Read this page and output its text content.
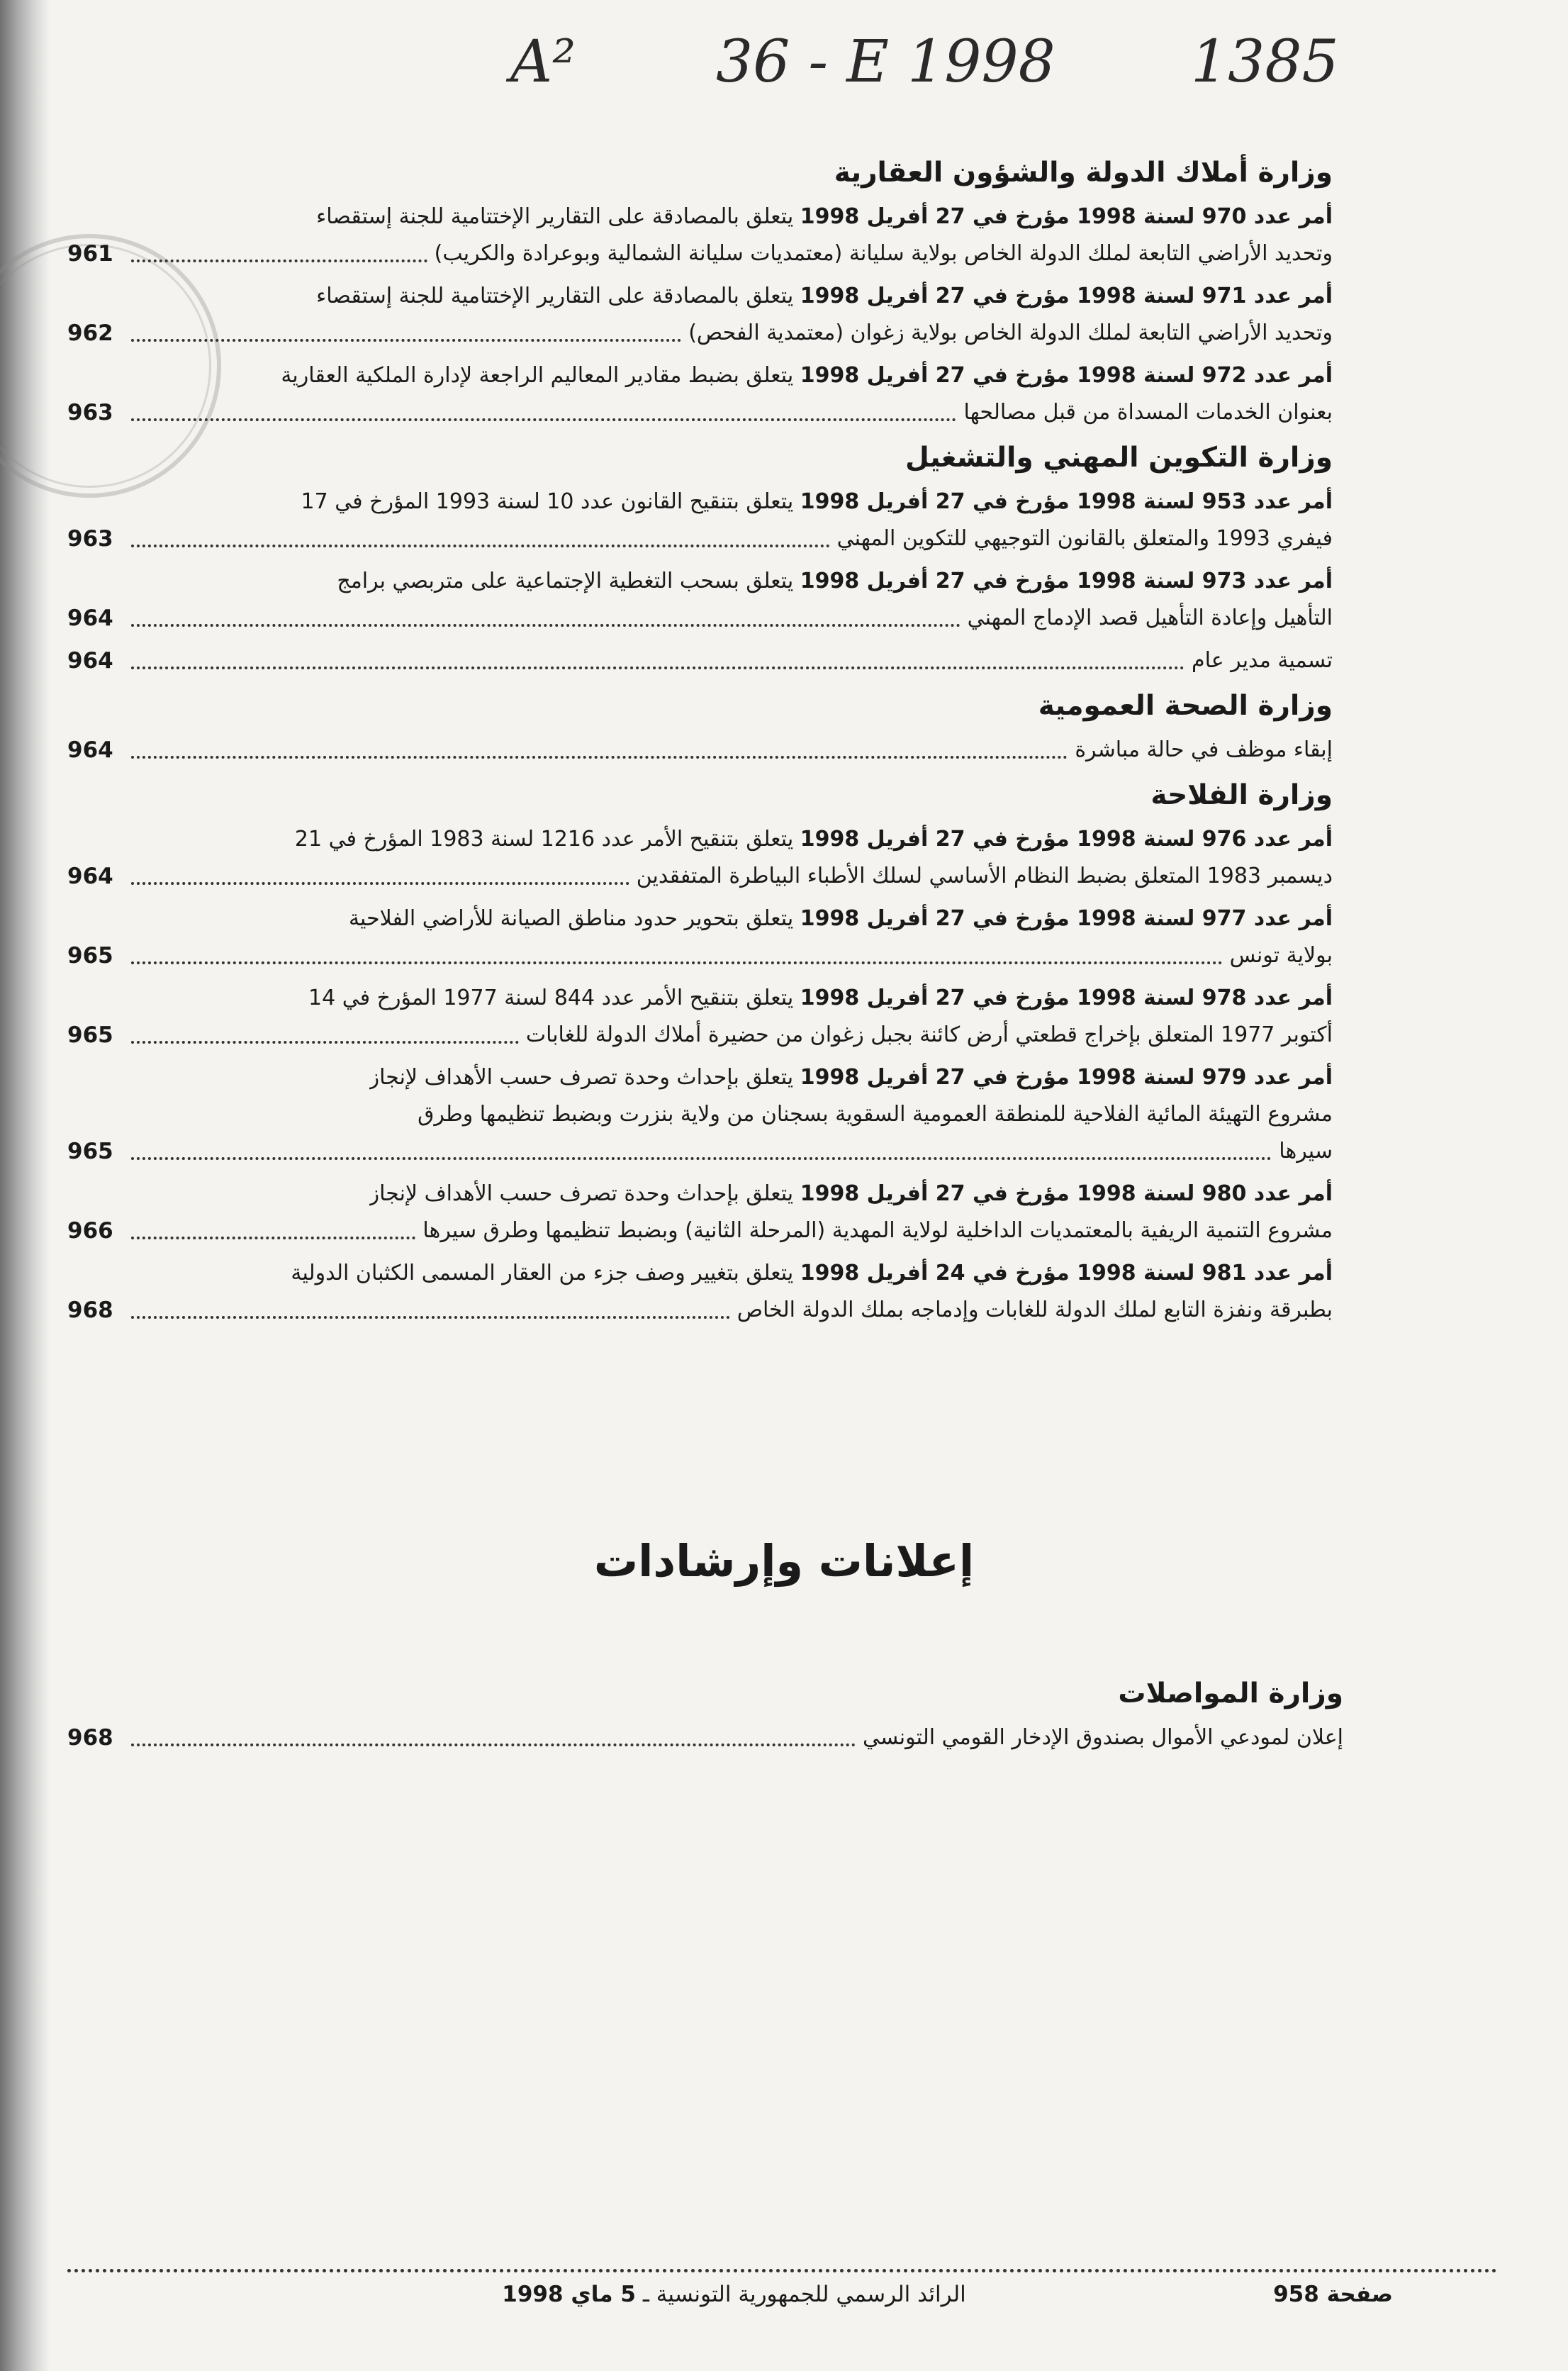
A² 36 - E 1998 1385
وزارة أملاك الدولة والشؤون العقارية
أمر عدد 970 لسنة 1998 مؤرخ في 27 أفريل 1998 يتعلق بالمصادقة على التقارير الإختتامية للجنة إستقصاء
وتحديد الأراضي التابعة لملك الدولة الخاص بولاية سليانة (معتمديات سليانة الشمالية وبوعرادة والكريب)
961
أمر عدد 971 لسنة 1998 مؤرخ في 27 أفريل 1998 يتعلق بالمصادقة على التقارير الإختتامية للجنة إستقصاء
وتحديد الأراضي التابعة لملك الدولة الخاص بولاية زغوان (معتمدية الفحص)
962
أمر عدد 972 لسنة 1998 مؤرخ في 27 أفريل 1998 يتعلق بضبط مقادير المعاليم الراجعة لإدارة الملكية العقارية
بعنوان الخدمات المسداة من قبل مصالحها
963
وزارة التكوين المهني والتشغيل
أمر عدد 953 لسنة 1998 مؤرخ في 27 أفريل 1998 يتعلق بتنقيح القانون عدد 10 لسنة 1993 المؤرخ في 17
فيفري 1993 والمتعلق بالقانون التوجيهي للتكوين المهني
963
أمر عدد 973 لسنة 1998 مؤرخ في 27 أفريل 1998 يتعلق بسحب التغطية الإجتماعية على متربصي برامج
التأهيل وإعادة التأهيل قصد الإدماج المهني
964
تسمية مدير عام
964
وزارة الصحة العمومية
إبقاء موظف في حالة مباشرة
964
وزارة الفلاحة
أمر عدد 976 لسنة 1998 مؤرخ في 27 أفريل 1998 يتعلق بتنقيح الأمر عدد 1216 لسنة 1983 المؤرخ في 21
ديسمبر 1983 المتعلق بضبط النظام الأساسي لسلك الأطباء البياطرة المتفقدين
964
أمر عدد 977 لسنة 1998 مؤرخ في 27 أفريل 1998 يتعلق بتحوير حدود مناطق الصيانة للأراضي الفلاحية
بولاية تونس
965
أمر عدد 978 لسنة 1998 مؤرخ في 27 أفريل 1998 يتعلق بتنقيح الأمر عدد 844 لسنة 1977 المؤرخ في 14
أكتوبر 1977 المتعلق بإخراج قطعتي أرض كائنة بجبل زغوان من حضيرة أملاك الدولة للغابات
965
أمر عدد 979 لسنة 1998 مؤرخ في 27 أفريل 1998 يتعلق بإحداث وحدة تصرف حسب الأهداف لإنجاز
مشروع التهيئة المائية الفلاحية للمنطقة العمومية السقوية بسجنان من ولاية بنزرت وبضبط تنظيمها وطرق
سيرها
965
أمر عدد 980 لسنة 1998 مؤرخ في 27 أفريل 1998 يتعلق بإحداث وحدة تصرف حسب الأهداف لإنجاز
مشروع التنمية الريفية بالمعتمديات الداخلية لولاية المهدية (المرحلة الثانية) وبضبط تنظيمها وطرق سيرها
966
أمر عدد 981 لسنة 1998 مؤرخ في 24 أفريل 1998 يتعلق بتغيير وصف جزء من العقار المسمى الكثبان الدولية
بطبرقة ونفزة التابع لملك الدولة للغابات وإدماجه بملك الدولة الخاص
968
إعلانات وإرشادات
وزارة المواصلات
إعلان لمودعي الأموال بصندوق الإدخار القومي التونسي
968
صفحة 958
الرائد الرسمي للجمهورية التونسية ـ 5 ماي 1998
